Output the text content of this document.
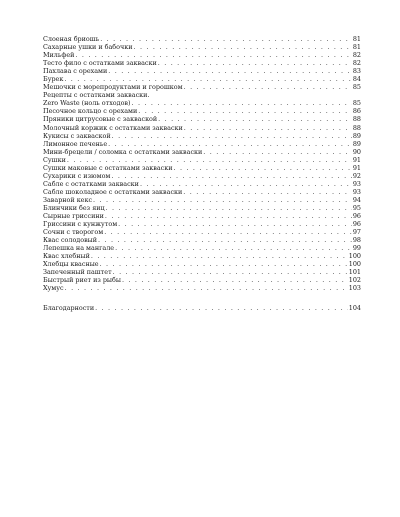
Слоеная бриошь . . .	81
Сахарные ушки и бабочки . . .	81
Мильфей . . .	82
Тесто фило с остатками закваски . . .	82
Пахлава с орехами . . .	83
Бурек . . .	84
Мешочки с морепродуктами и горошком . . .	85
Рецепты с остатками закваски.
Zero Waste (ноль отходов) . . .	85
Песочное кольцо с орехами . . .	86
Пряники цитрусовые с закваской . . .	88
Молочный коржик с остатками закваски . . .	88
Кукисы с закваской . . .	89
Лимонное печенье . . .	89
Мини-брецели / соломка с остатками закваски . . .	90
Сушки . . .	91
Сушки маковые с остатками закваски . . .	91
Сухарики с изюмом . . .	92
Сабле с остатками закваски . . .	93
Сабле шоколадное с остатками закваски . . .	93
Заварной кекс . . .	94
Блинчики без яиц . . .	95
Сырные гриссини . . .	96
Гриссини с кунжутом . . .	96
Сочни с творогом . . .	97
Квас солодовый . . .	98
Лепешка на мангале . . .	99
Квас хлебный . . .	100
Хлебцы квасные . . .	100
Запеченный паштет . . .	101
Быстрый риет из рыбы . . .	102
Хумус . . .	103
Благодарности . . .	104
